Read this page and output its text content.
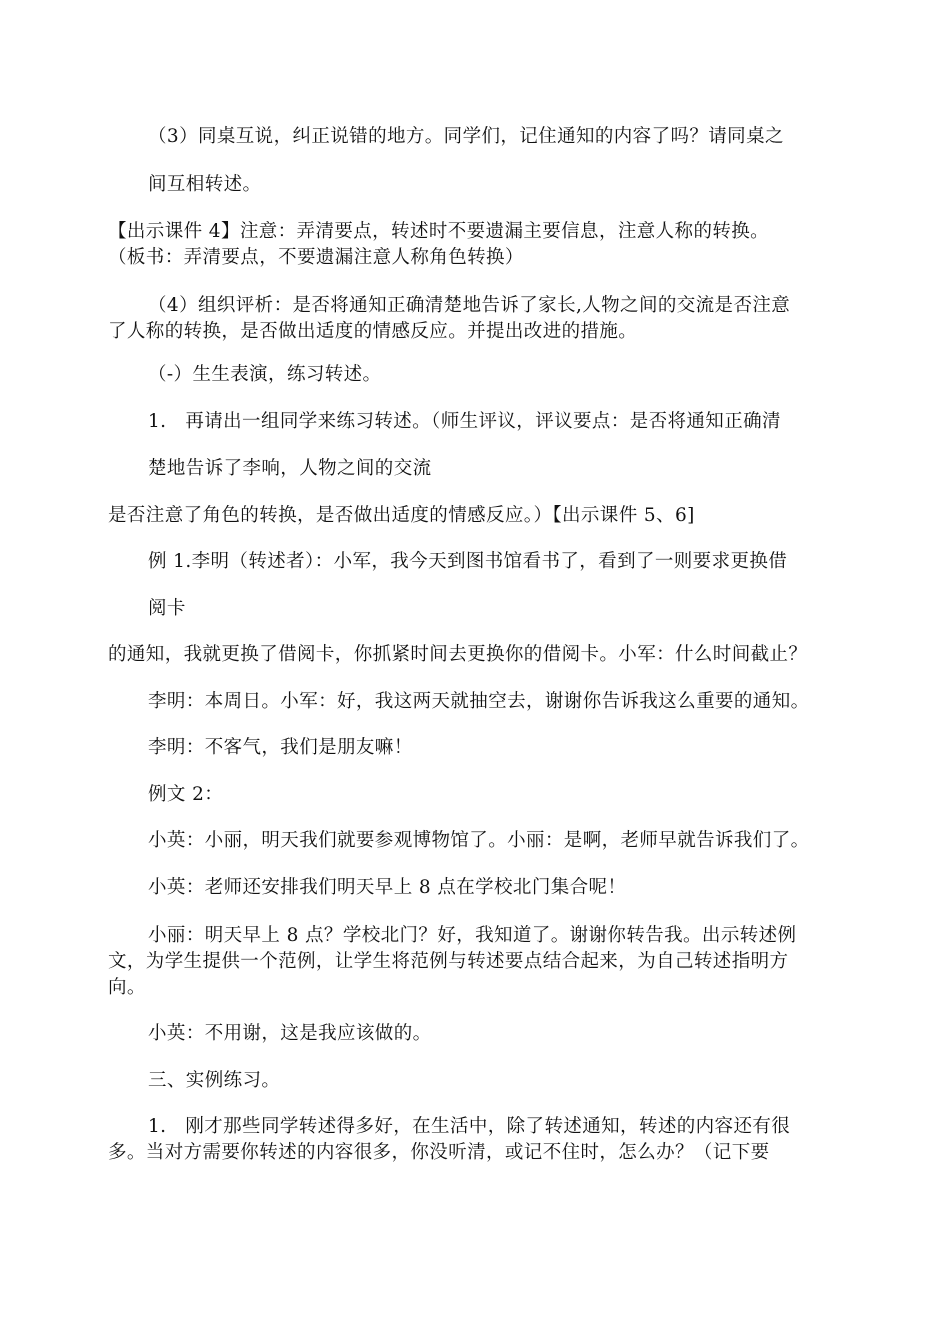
（3）同桌互说，纠正说错的地方。同学们，记住通知的内容了吗？请同桌之
间互相转述。
【出示课件 4】注意：弄清要点，转述时不要遗漏主要信息，注意人称的转换。
（板书：弄清要点，不要遗漏注意人称角色转换）
（4）组织评析：是否将通知正确清楚地告诉了家长,人物之间的交流是否注意
了人称的转换，是否做出适度的情感反应。并提出改进的措施。
（-）生生表演，练习转述。
1.　再请出一组同学来练习转述。（师生评议，评议要点：是否将通知正确清
楚地告诉了李响，人物之间的交流
是否注意了角色的转换，是否做出适度的情感反应。）【出示课件 5、6]
例 1.李明（转述者）：小军，我今天到图书馆看书了，看到了一则要求更换借
阅卡
的通知，我就更换了借阅卡，你抓紧时间去更换你的借阅卡。小军：什么时间截止？
李明：本周日。小军：好，我这两天就抽空去，谢谢你告诉我这么重要的通知。
李明：不客气，我们是朋友嘛！
例文 2：
小英：小丽，明天我们就要参观博物馆了。小丽：是啊，老师早就告诉我们了。
小英：老师还安排我们明天早上 8 点在学校北门集合呢！
小丽：明天早上 8 点？学校北门？好，我知道了。谢谢你转告我。出示转述例
文，为学生提供一个范例，让学生将范例与转述要点结合起来，为自己转述指明方
向。
小英：不用谢，这是我应该做的。
三、实例练习。
1.　刚才那些同学转述得多好，在生活中，除了转述通知，转述的内容还有很
多。当对方需要你转述的内容很多，你没听清，或记不住时，怎么办？（记下要
